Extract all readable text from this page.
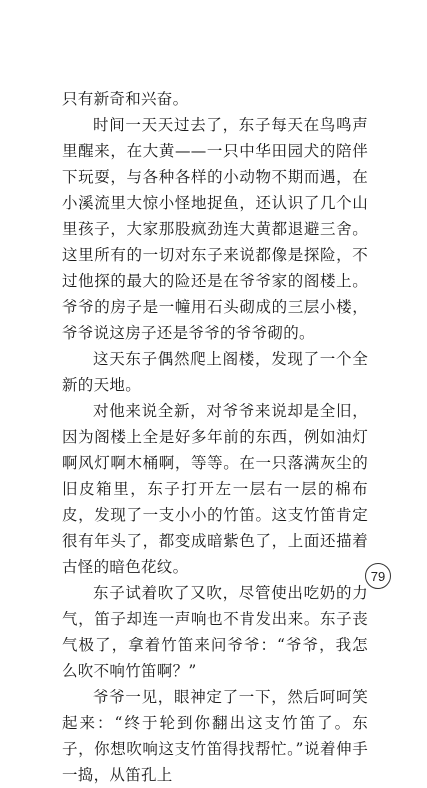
只有新奇和兴奋。

时间一天天过去了，东子每天在鸟鸣声里醒来，在大黄——一只中华田园犬的陪伴下玩耍，与各种各样的小动物不期而遇，在小溪流里大惊小怪地捉鱼，还认识了几个山里孩子，大家那股疯劲连大黄都退避三舍。这里所有的一切对东子来说都像是探险，不过他探的最大的险还是在爷爷家的阁楼上。爷爷的房子是一幢用石头砌成的三层小楼，爷爷说这房子还是爷爷的爷爷砌的。

这天东子偶然爬上阁楼，发现了一个全新的天地。

对他来说全新，对爷爷来说却是全旧，因为阁楼上全是好多年前的东西，例如油灯啊风灯啊木桶啊，等等。在一只落满灰尘的旧皮箱里，东子打开左一层右一层的棉布皮，发现了一支小小的竹笛。这支竹笛肯定很有年头了，都变成暗紫色了，上面还描着古怪的暗色花纹。

东子试着吹了又吹，尽管使出吃奶的力气，笛子却连一声响也不肯发出来。东子丧气极了，拿着竹笛来问爷爷：“爷爷，我怎么吹不响竹笛啊？”

爷爷一见，眼神定了一下，然后呵呵笑起来：“终于轮到你翻出这支竹笛了。东子，你想吹响这支竹笛得找帮忙。”说着伸手一捣，从笛孔上

79
